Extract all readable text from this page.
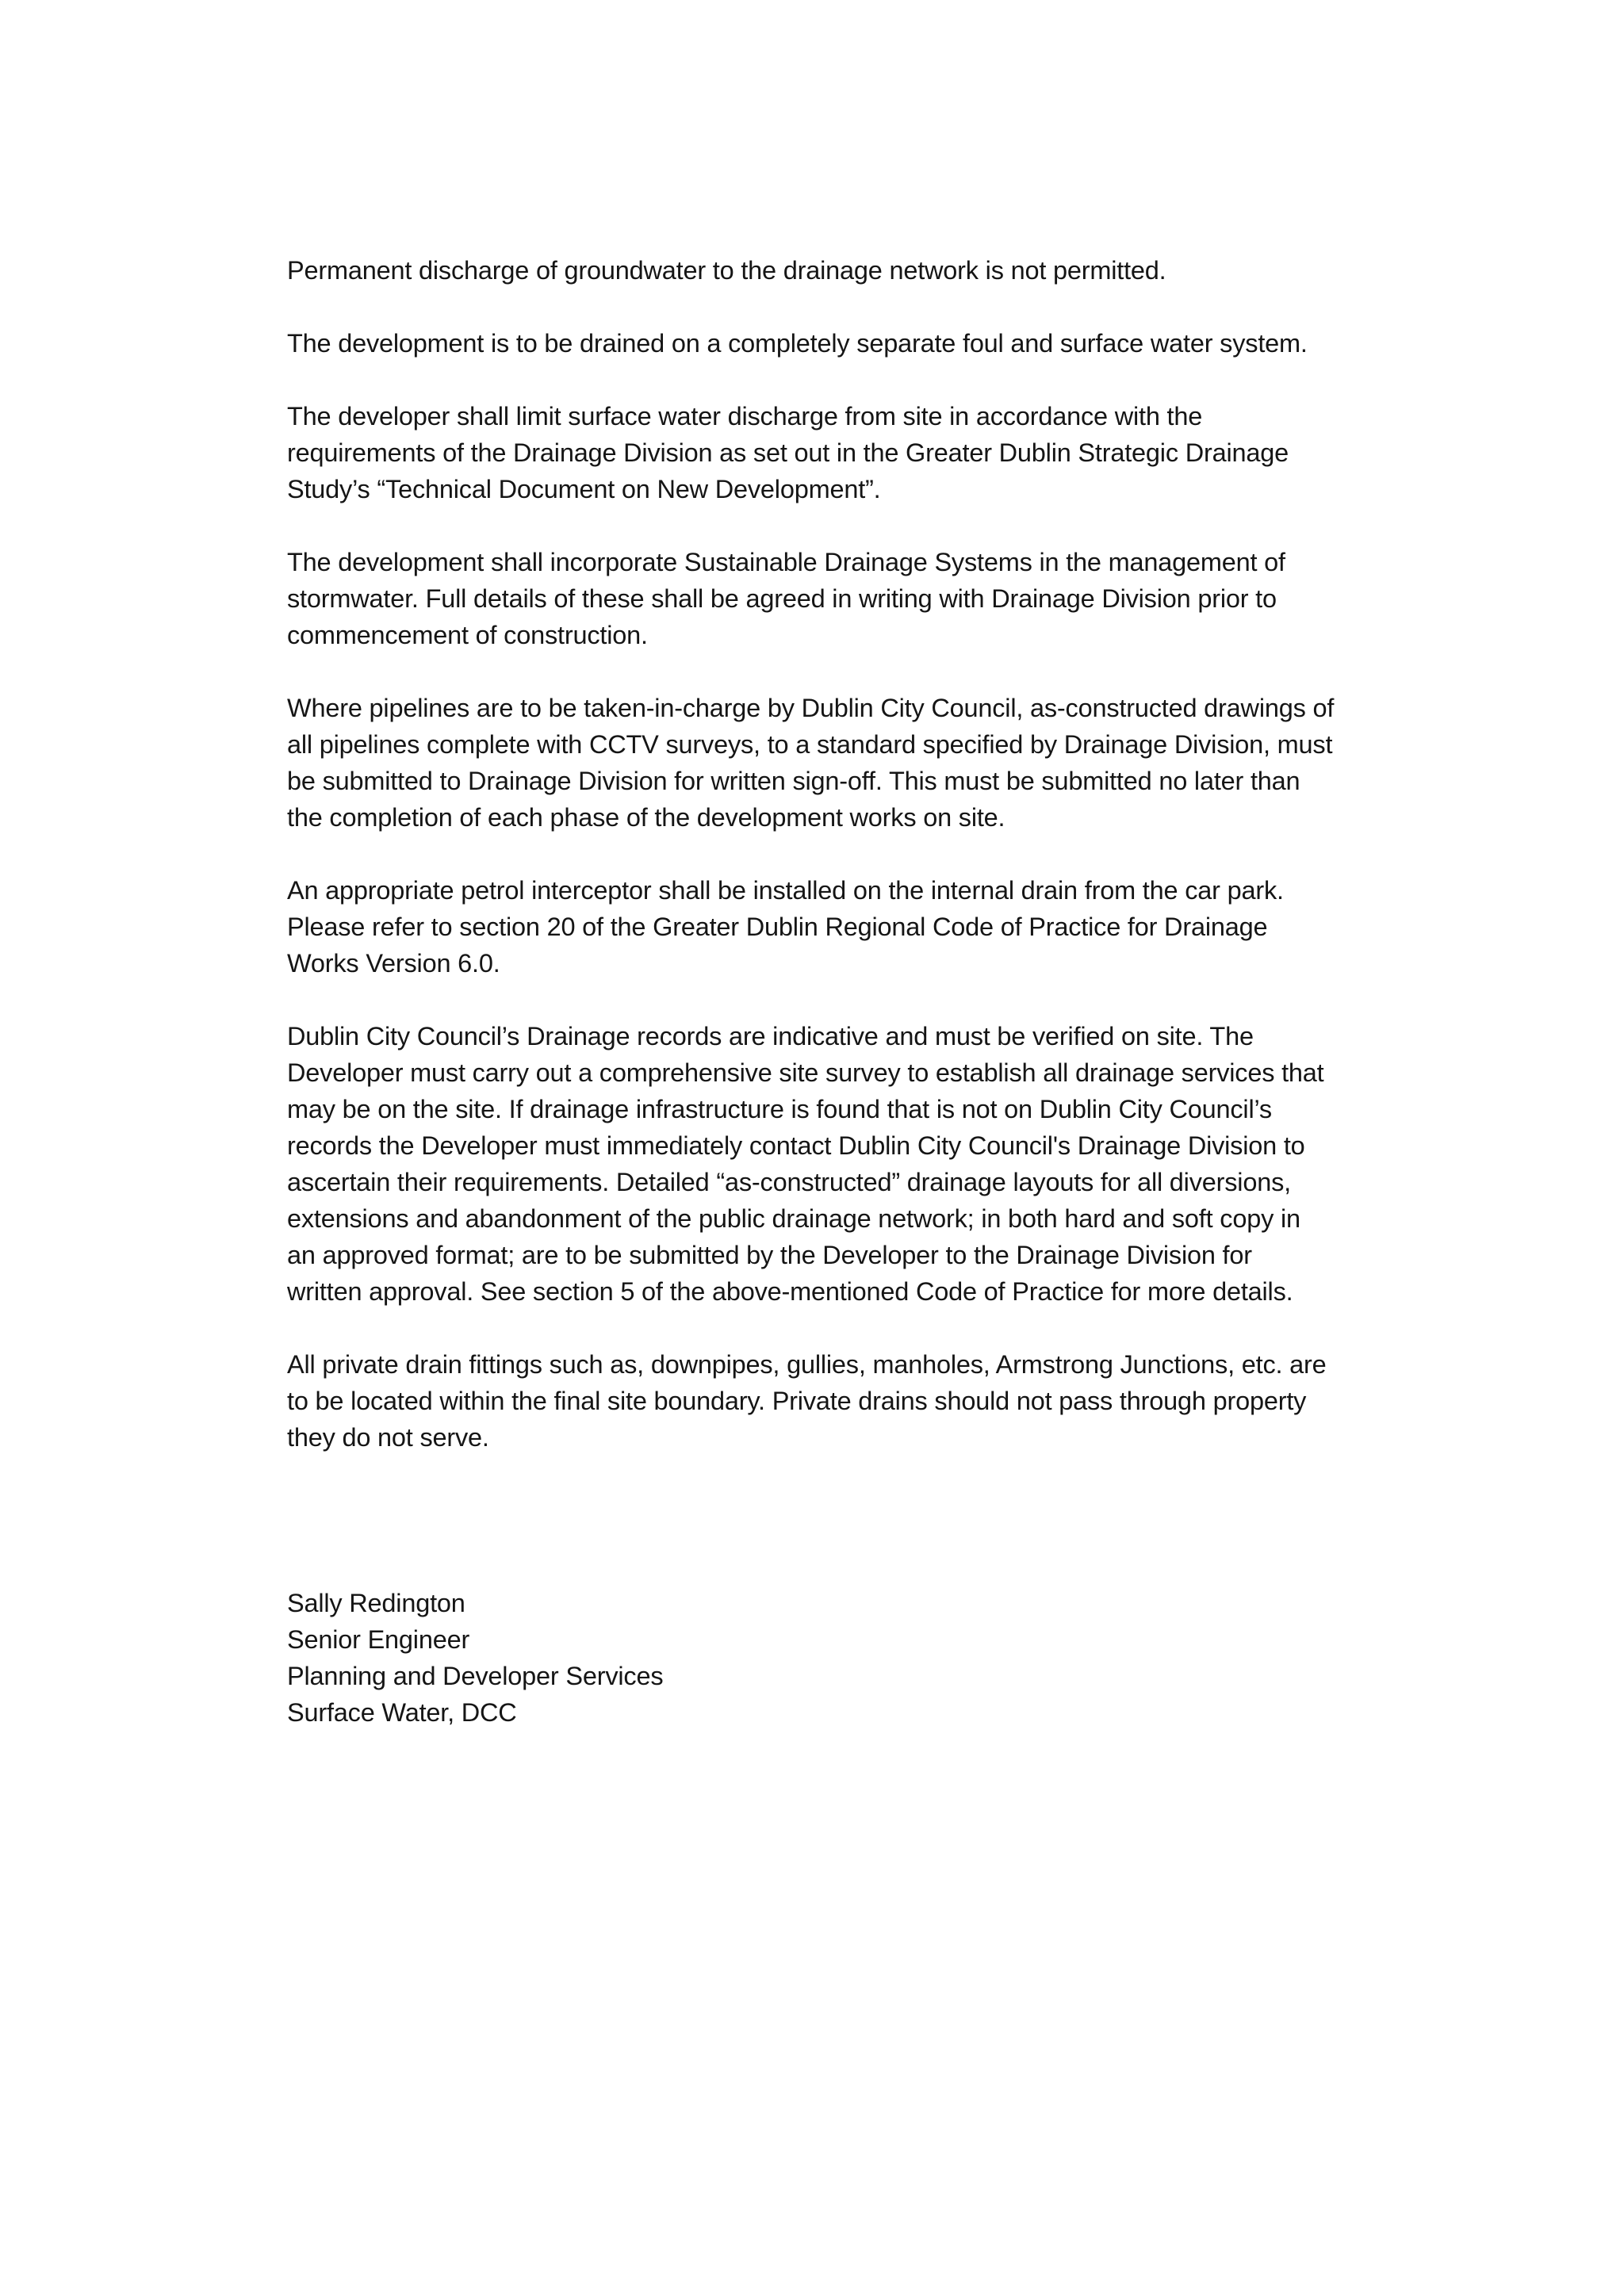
Permanent discharge of groundwater to the drainage network is not permitted.

The development is to be drained on a completely separate foul and surface water system.

The developer shall limit surface water discharge from site in accordance with the
requirements of the Drainage Division as set out in the Greater Dublin Strategic Drainage
Study’s “Technical Document on New Development”.

The development shall incorporate Sustainable Drainage Systems in the management of
stormwater. Full details of these shall be agreed in writing with Drainage Division prior to
commencement of construction.

Where pipelines are to be taken-in-charge by Dublin City Council, as-constructed drawings of
all pipelines complete with CCTV surveys, to a standard specified by Drainage Division, must
be submitted to Drainage Division for written sign-off. This must be submitted no later than
the completion of each phase of the development works on site.

An appropriate petrol interceptor shall be installed on the internal drain from the car park.
Please refer to section 20 of the Greater Dublin Regional Code of Practice for Drainage
Works Version 6.0.

Dublin City Council’s Drainage records are indicative and must be verified on site. The
Developer must carry out a comprehensive site survey to establish all drainage services that
may be on the site. If drainage infrastructure is found that is not on Dublin City Council’s
records the Developer must immediately contact Dublin City Council's Drainage Division to
ascertain their requirements. Detailed “as-constructed” drainage layouts for all diversions,
extensions and abandonment of the public drainage network; in both hard and soft copy in
an approved format; are to be submitted by the Developer to the Drainage Division for
written approval. See section 5 of the above-mentioned Code of Practice for more details.

All private drain fittings such as, downpipes, gullies, manholes, Armstrong Junctions, etc. are
to be located within the final site boundary. Private drains should not pass through property
they do not serve.

Sally Redington
Senior Engineer
Planning and Developer Services
Surface Water, DCC
